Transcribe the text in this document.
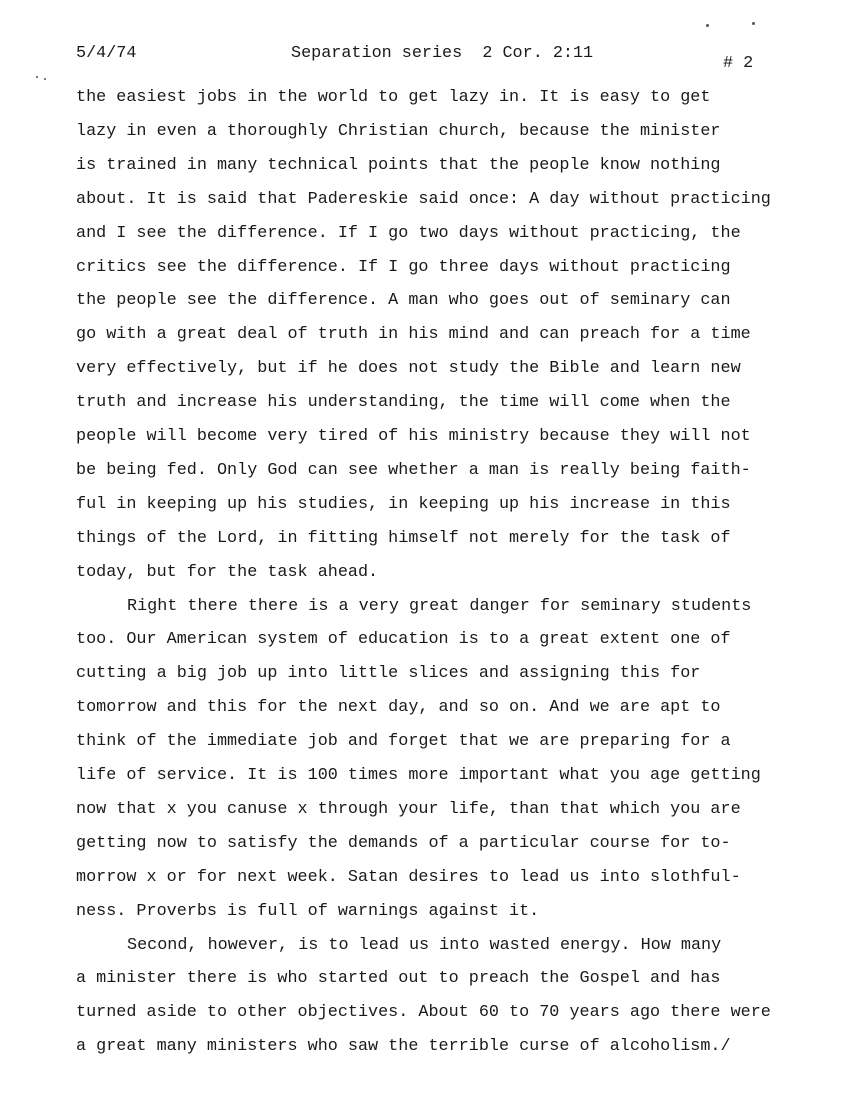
5/4/74	Separation series  2 Cor. 2:11
# 2
the easiest jobs in the world to get lazy in. It is easy to get
lazy in even a thoroughly Christian church, because the minister
is trained in many technical points that the people know nothing
about. It is said that Padereskie said once: A day without practicing
and I see the difference. If I go two days without practicing, the
critics see the difference. If I go three days without practicing
the people see the difference. A man who goes out of seminary can
go with a great deal of truth in his mind and can preach for a time
very effectively, but if he does not study the Bible and learn new
truth and increase his understanding, the time will come when the
people will become very tired of his ministry because they will not
be being fed. Only God can see whether a man is really being faith-
ful in keeping up his studies, in keeping up his increase in this
things of the Lord, in fitting himself not merely for the task of
today, but for the task ahead.
Right there there is a very great danger for seminary students
too. Our American system of education is to a great extent one of
cutting a big job up into little slices and assigning this for
tomorrow and this for the next day, and so on. And we are apt to
think of the immediate job and forget that we are preparing for a
life of service. It is 100 times more important what you age getting
now that x you canuse x through your life, than that which you are
getting now to satisfy the demands of a particular course for to-
morrow x or for next week. Satan desires to lead us into slothful-
ness. Proverbs is full of warnings against it.
Second, however, is to lead us into wasted energy. How many
a minister there is who started out to preach the Gospel and has
turned aside to other objectives. About 60 to 70 years ago there were
a great many ministers who saw the terrible curse of alcoholism./
